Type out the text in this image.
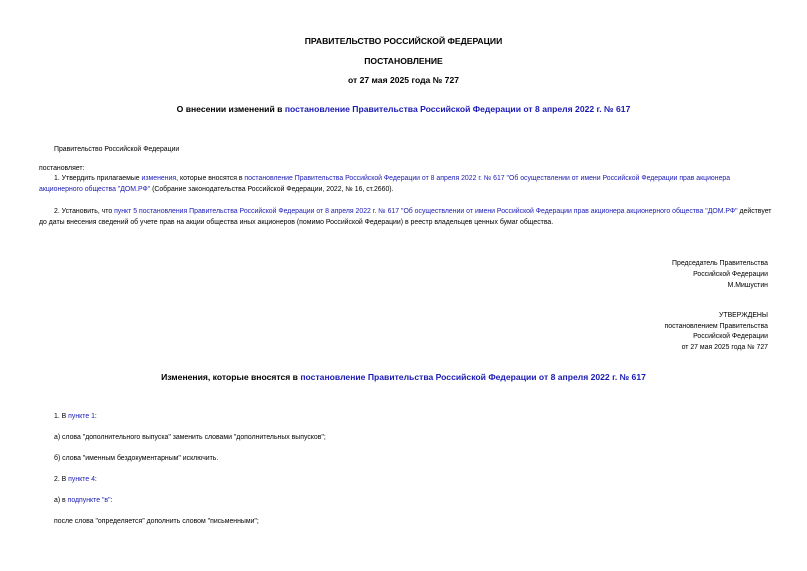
ПРАВИТЕЛЬСТВО РОССИЙСКОЙ ФЕДЕРАЦИИ
ПОСТАНОВЛЕНИЕ
от 27 мая 2025 года № 727
О внесении изменений в постановление Правительства Российской Федерации от 8 апреля 2022 г. № 617
Правительство Российской Федерации
постановляет:
1. Утвердить прилагаемые изменения, которые вносятся в постановление Правительства Российской Федерации от 8 апреля 2022 г. № 617 "Об осуществлении от имени Российской Федерации прав акционера акционерного общества "ДОМ.РФ" (Собрание законодательства Российской Федерации, 2022, № 16, ст.2660).
2. Установить, что пункт 5 постановления Правительства Российской Федерации от 8 апреля 2022 г. № 617 "Об осуществлении от имени Российской Федерации прав акционера акционерного общества "ДОМ.РФ" действует до даты внесения сведений об учете прав на акции общества иных акционеров (помимо Российской Федерации) в реестр владельцев ценных бумаг общества.
Председатель Правительства
Российской Федерации
М.Мишустин
УТВЕРЖДЕНЫ
постановлением Правительства
Российской Федерации
от 27 мая 2025 года № 727
Изменения, которые вносятся в постановление Правительства Российской Федерации от 8 апреля 2022 г. № 617
1. В пункте 1:
а) слова "дополнительного выпуска" заменить словами "дополнительных выпусков";
б) слова "именным бездокументарным" исключить.
2. В пункте 4:
а) в подпункте "в":
после слова "определяется" дополнить словом "письменными";
